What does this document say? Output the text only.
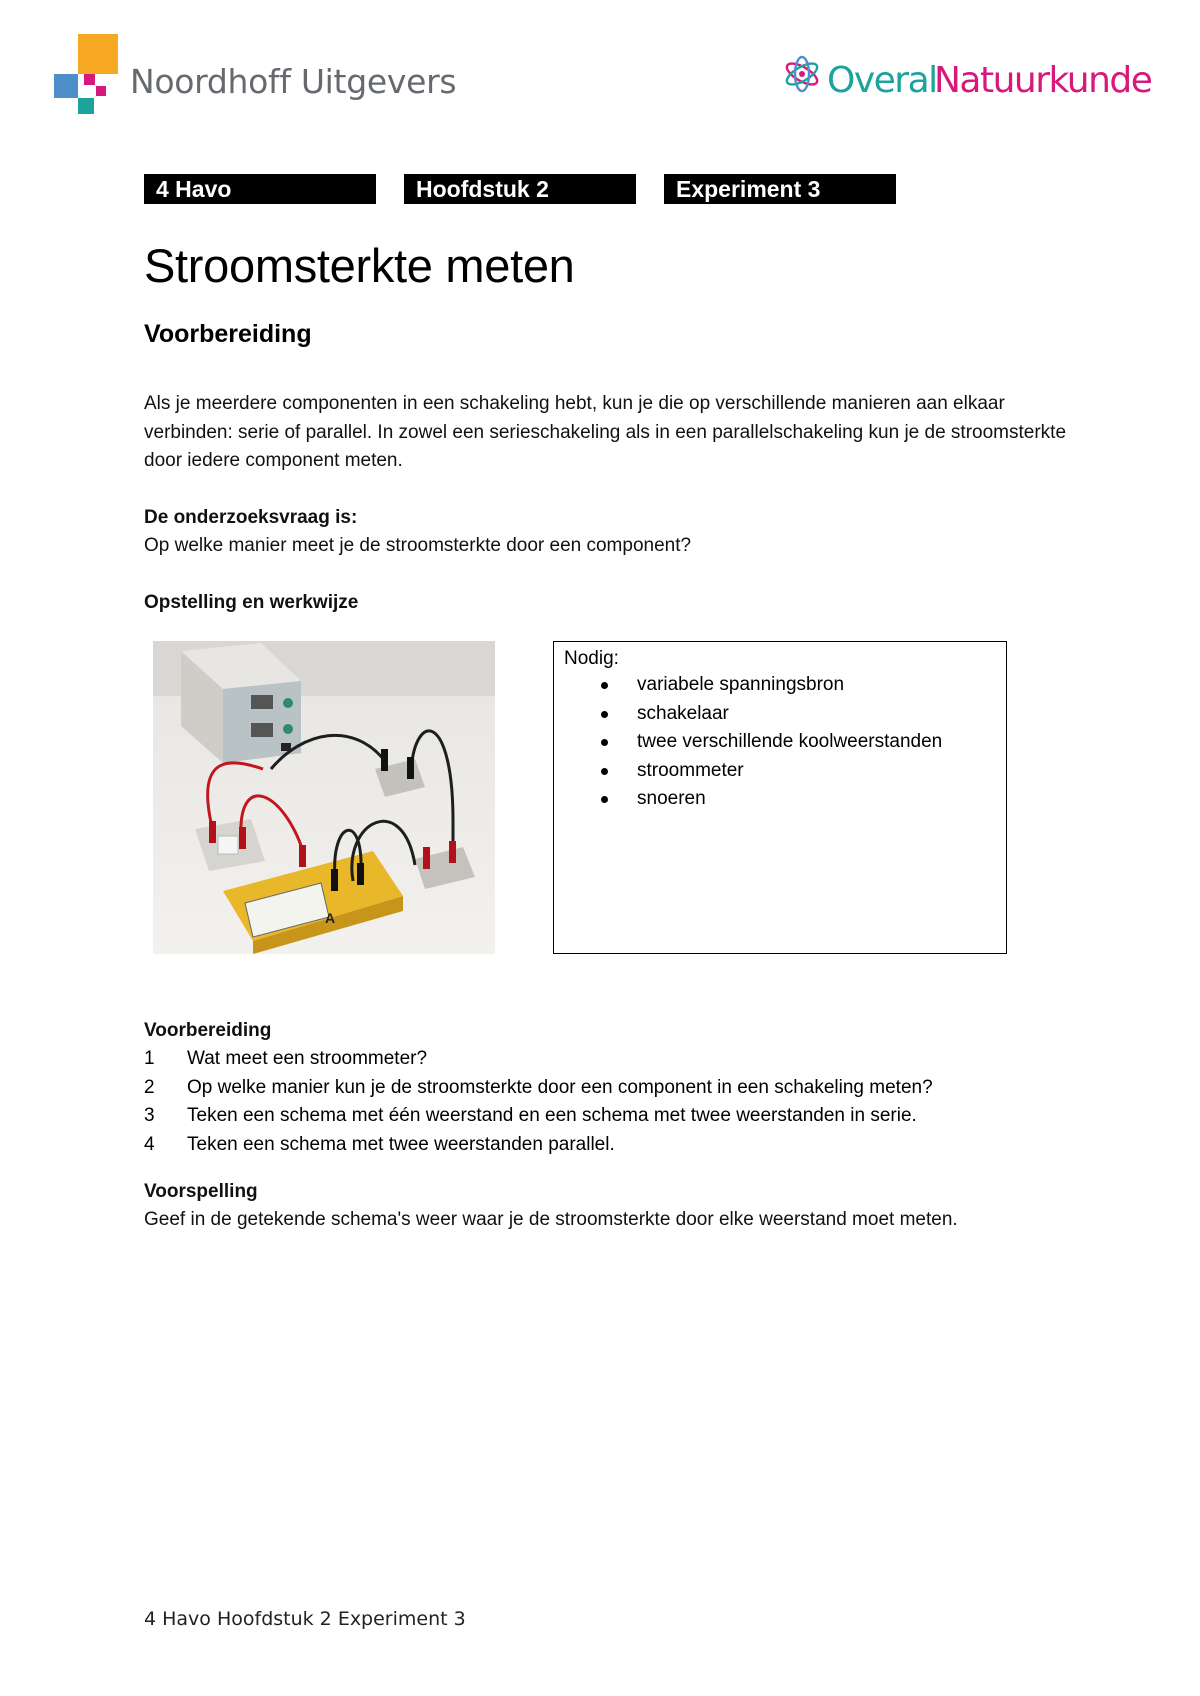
Noordhoff Uitgevers	Overal
Natuurkunde
4 Havo	Hoofdstuk 2	Experiment 3
Stroomsterkte meten
Voorbereiding
Als je meerdere componenten in een schakeling hebt, kun je die op verschillende manieren aan elkaar verbinden: serie of parallel. In zowel een serieschakeling als in een parallelschakeling kun je de stroomsterkte door iedere component meten.
De onderzoeksvraag is:
Op welke manier meet je de stroomsterkte door een component?
Opstelling en werkwijze
A
Nodig:
variabele spanningsbron
schakelaar
twee verschillende koolweerstanden
stroommeter
snoeren
Voorbereiding
1 Wat meet een stroommeter?
2 Op welke manier kun je de stroomsterkte door een component in een schakeling meten?
3 Teken een schema met één weerstand en een schema met twee weerstanden in serie.
4 Teken een schema met twee weerstanden parallel.
Voorspelling
Geef in de getekende schema's weer waar je de stroomsterkte door elke weerstand moet meten.
4 Havo Hoofdstuk 2 Experiment 3
